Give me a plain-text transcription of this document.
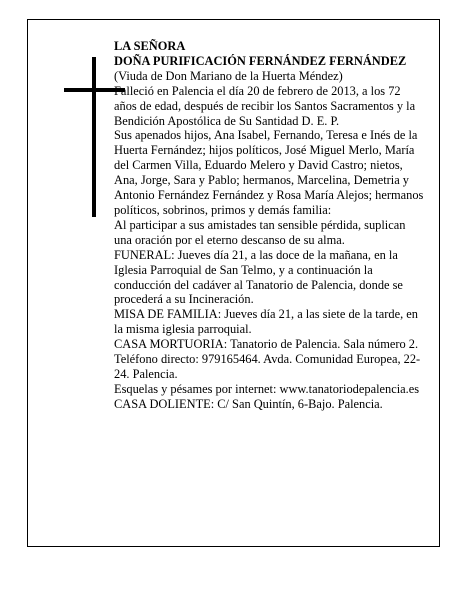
LA SEÑORA

DOÑA PURIFICACIÓN FERNÁNDEZ FERNÁNDEZ

(Viuda de Don Mariano de la Huerta Méndez)

Falleció en Palencia el día 20 de febrero de 2013, a los 72 años de edad, después de recibir los Santos Sacramentos y la Bendición Apostólica de Su Santidad D. E. P.

Sus apenados hijos, Ana Isabel, Fernando, Teresa e Inés de la Huerta Fernández; hijos políticos, José Miguel Merlo, María del Carmen Villa, Eduardo Melero y David Castro; nietos, Ana, Jorge, Sara y Pablo; hermanos, Marcelina, Demetria y Antonio Fernández Fernández y Rosa María Alejos; hermanos políticos, sobrinos, primos y demás familia:

Al participar a sus amistades tan sensible pérdida, suplican una oración por el eterno descanso de su alma.

FUNERAL: Jueves día 21, a las doce de la mañana, en la Iglesia Parroquial de San Telmo, y a continuación la conducción del cadáver al Tanatorio de Palencia, donde se procederá a su Incineración.

MISA DE FAMILIA: Jueves día 21, a las siete de la tarde, en la misma iglesia parroquial.

CASA MORTUORIA: Tanatorio de Palencia. Sala número 2. Teléfono directo: 979165464. Avda. Comunidad Europea, 22-24. Palencia.

Esquelas y pésames por internet: www.tanatoriodepalencia.es

CASA DOLIENTE: C/ San Quintín, 6-Bajo. Palencia.
